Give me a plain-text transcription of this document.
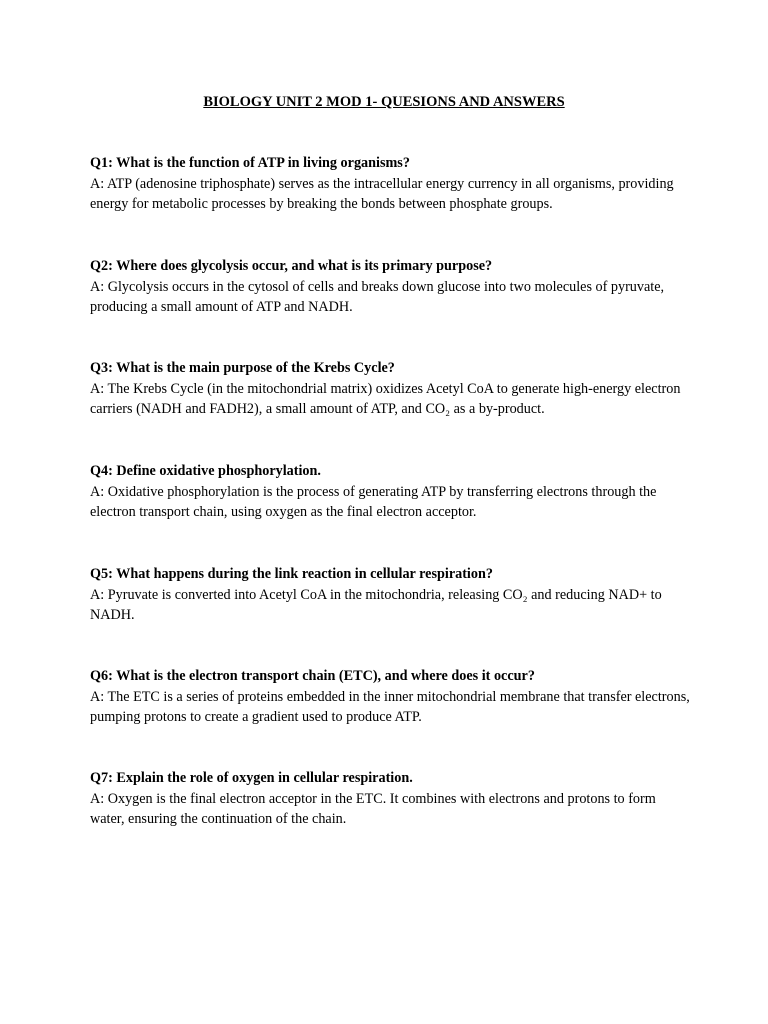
BIOLOGY UNIT 2 MOD 1- QUESIONS AND ANSWERS
Q1: What is the function of ATP in living organisms?
A: ATP (adenosine triphosphate) serves as the intracellular energy currency in all organisms, providing energy for metabolic processes by breaking the bonds between phosphate groups.
Q2: Where does glycolysis occur, and what is its primary purpose?
A: Glycolysis occurs in the cytosol of cells and breaks down glucose into two molecules of pyruvate, producing a small amount of ATP and NADH.
Q3: What is the main purpose of the Krebs Cycle?
A: The Krebs Cycle (in the mitochondrial matrix) oxidizes Acetyl CoA to generate high-energy electron carriers (NADH and FADH2), a small amount of ATP, and CO₂ as a by-product.
Q4: Define oxidative phosphorylation.
A: Oxidative phosphorylation is the process of generating ATP by transferring electrons through the electron transport chain, using oxygen as the final electron acceptor.
Q5: What happens during the link reaction in cellular respiration?
A: Pyruvate is converted into Acetyl CoA in the mitochondria, releasing CO₂ and reducing NAD+ to NADH.
Q6: What is the electron transport chain (ETC), and where does it occur?
A: The ETC is a series of proteins embedded in the inner mitochondrial membrane that transfer electrons, pumping protons to create a gradient used to produce ATP.
Q7: Explain the role of oxygen in cellular respiration.
A: Oxygen is the final electron acceptor in the ETC. It combines with electrons and protons to form water, ensuring the continuation of the chain.
